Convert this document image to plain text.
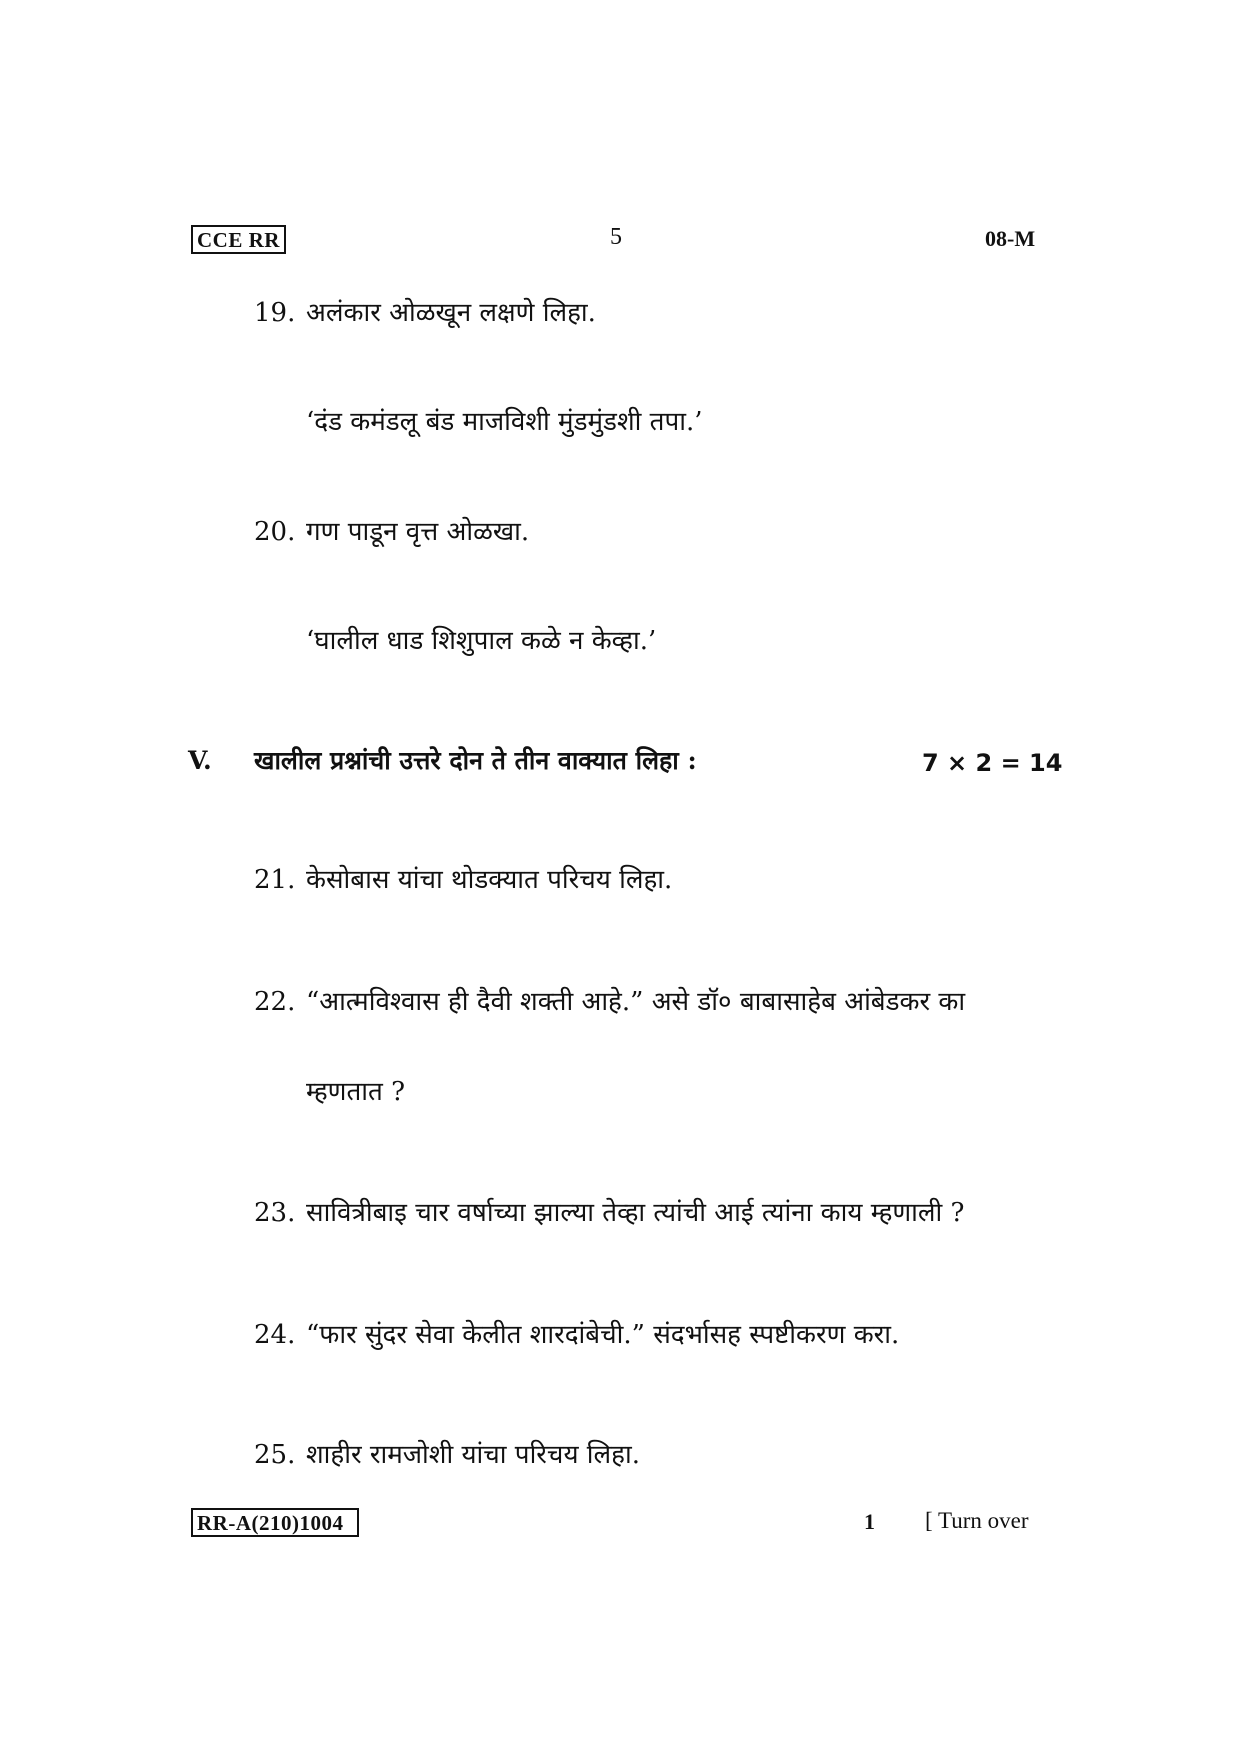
CCE RR	5	08-M
19. अलंकार ओळखून लक्षणे लिहा.
‘दंड कमंडलू बंड माजविशी मुंडमुंडशी तपा.’
20. गण पाडून वृत्त ओळखा.
‘घालील धाड शिशुपाल कळे न केव्हा.’
V. खालील प्रश्नांची उत्तरे दोन ते तीन वाक्यात लिहा :	7 × 2 = 14
21. केसोबास यांचा थोडक्यात परिचय लिहा.
22. “आत्मविश्वास ही दैवी शक्ती आहे.” असे डॉ० बाबासाहेब आंबेडकर का
म्हणतात ?
23. सावित्रीबाइ चार वर्षाच्या झाल्या तेव्हा त्यांची आई त्यांना काय म्हणाली ?
24. “फार सुंदर सेवा केलीत शारदांबेची.” संदर्भासह स्पष्टीकरण करा.
25. शाहीर रामजोशी यांचा परिचय लिहा.
RR-A(210)1004	1 [ Turn over
